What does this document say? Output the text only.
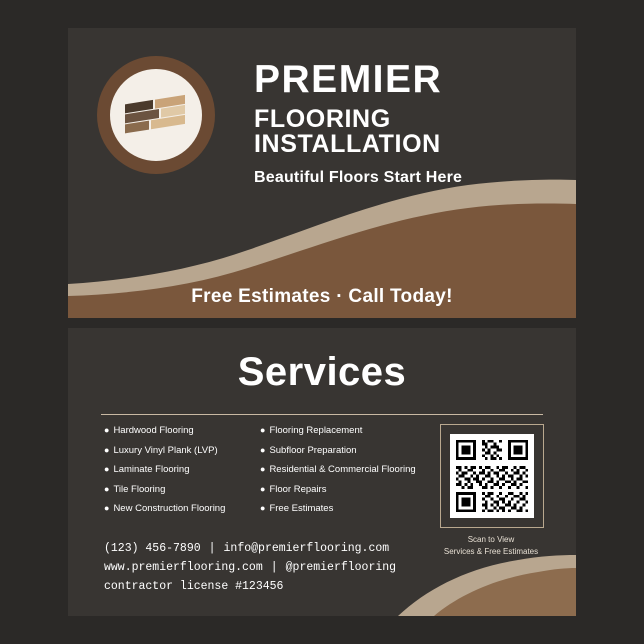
PREMIER
FLOORING INSTALLATION
Beautiful Floors Start Here
Free Estimates · Call Today!
Services
● Hardwood Flooring
● Luxury Vinyl Plank (LVP)
● Laminate Flooring
● Tile Flooring
● New Construction Flooring
● Flooring Replacement
● Subfloor Preparation
● Residential & Commercial Flooring
● Floor Repairs
● Free Estimates
Scan to View
Services & Free Estimates
(123) 456-7890 | info@premierflooring.com
www.premierflooring.com | @premierflooring
contractor license #123456
